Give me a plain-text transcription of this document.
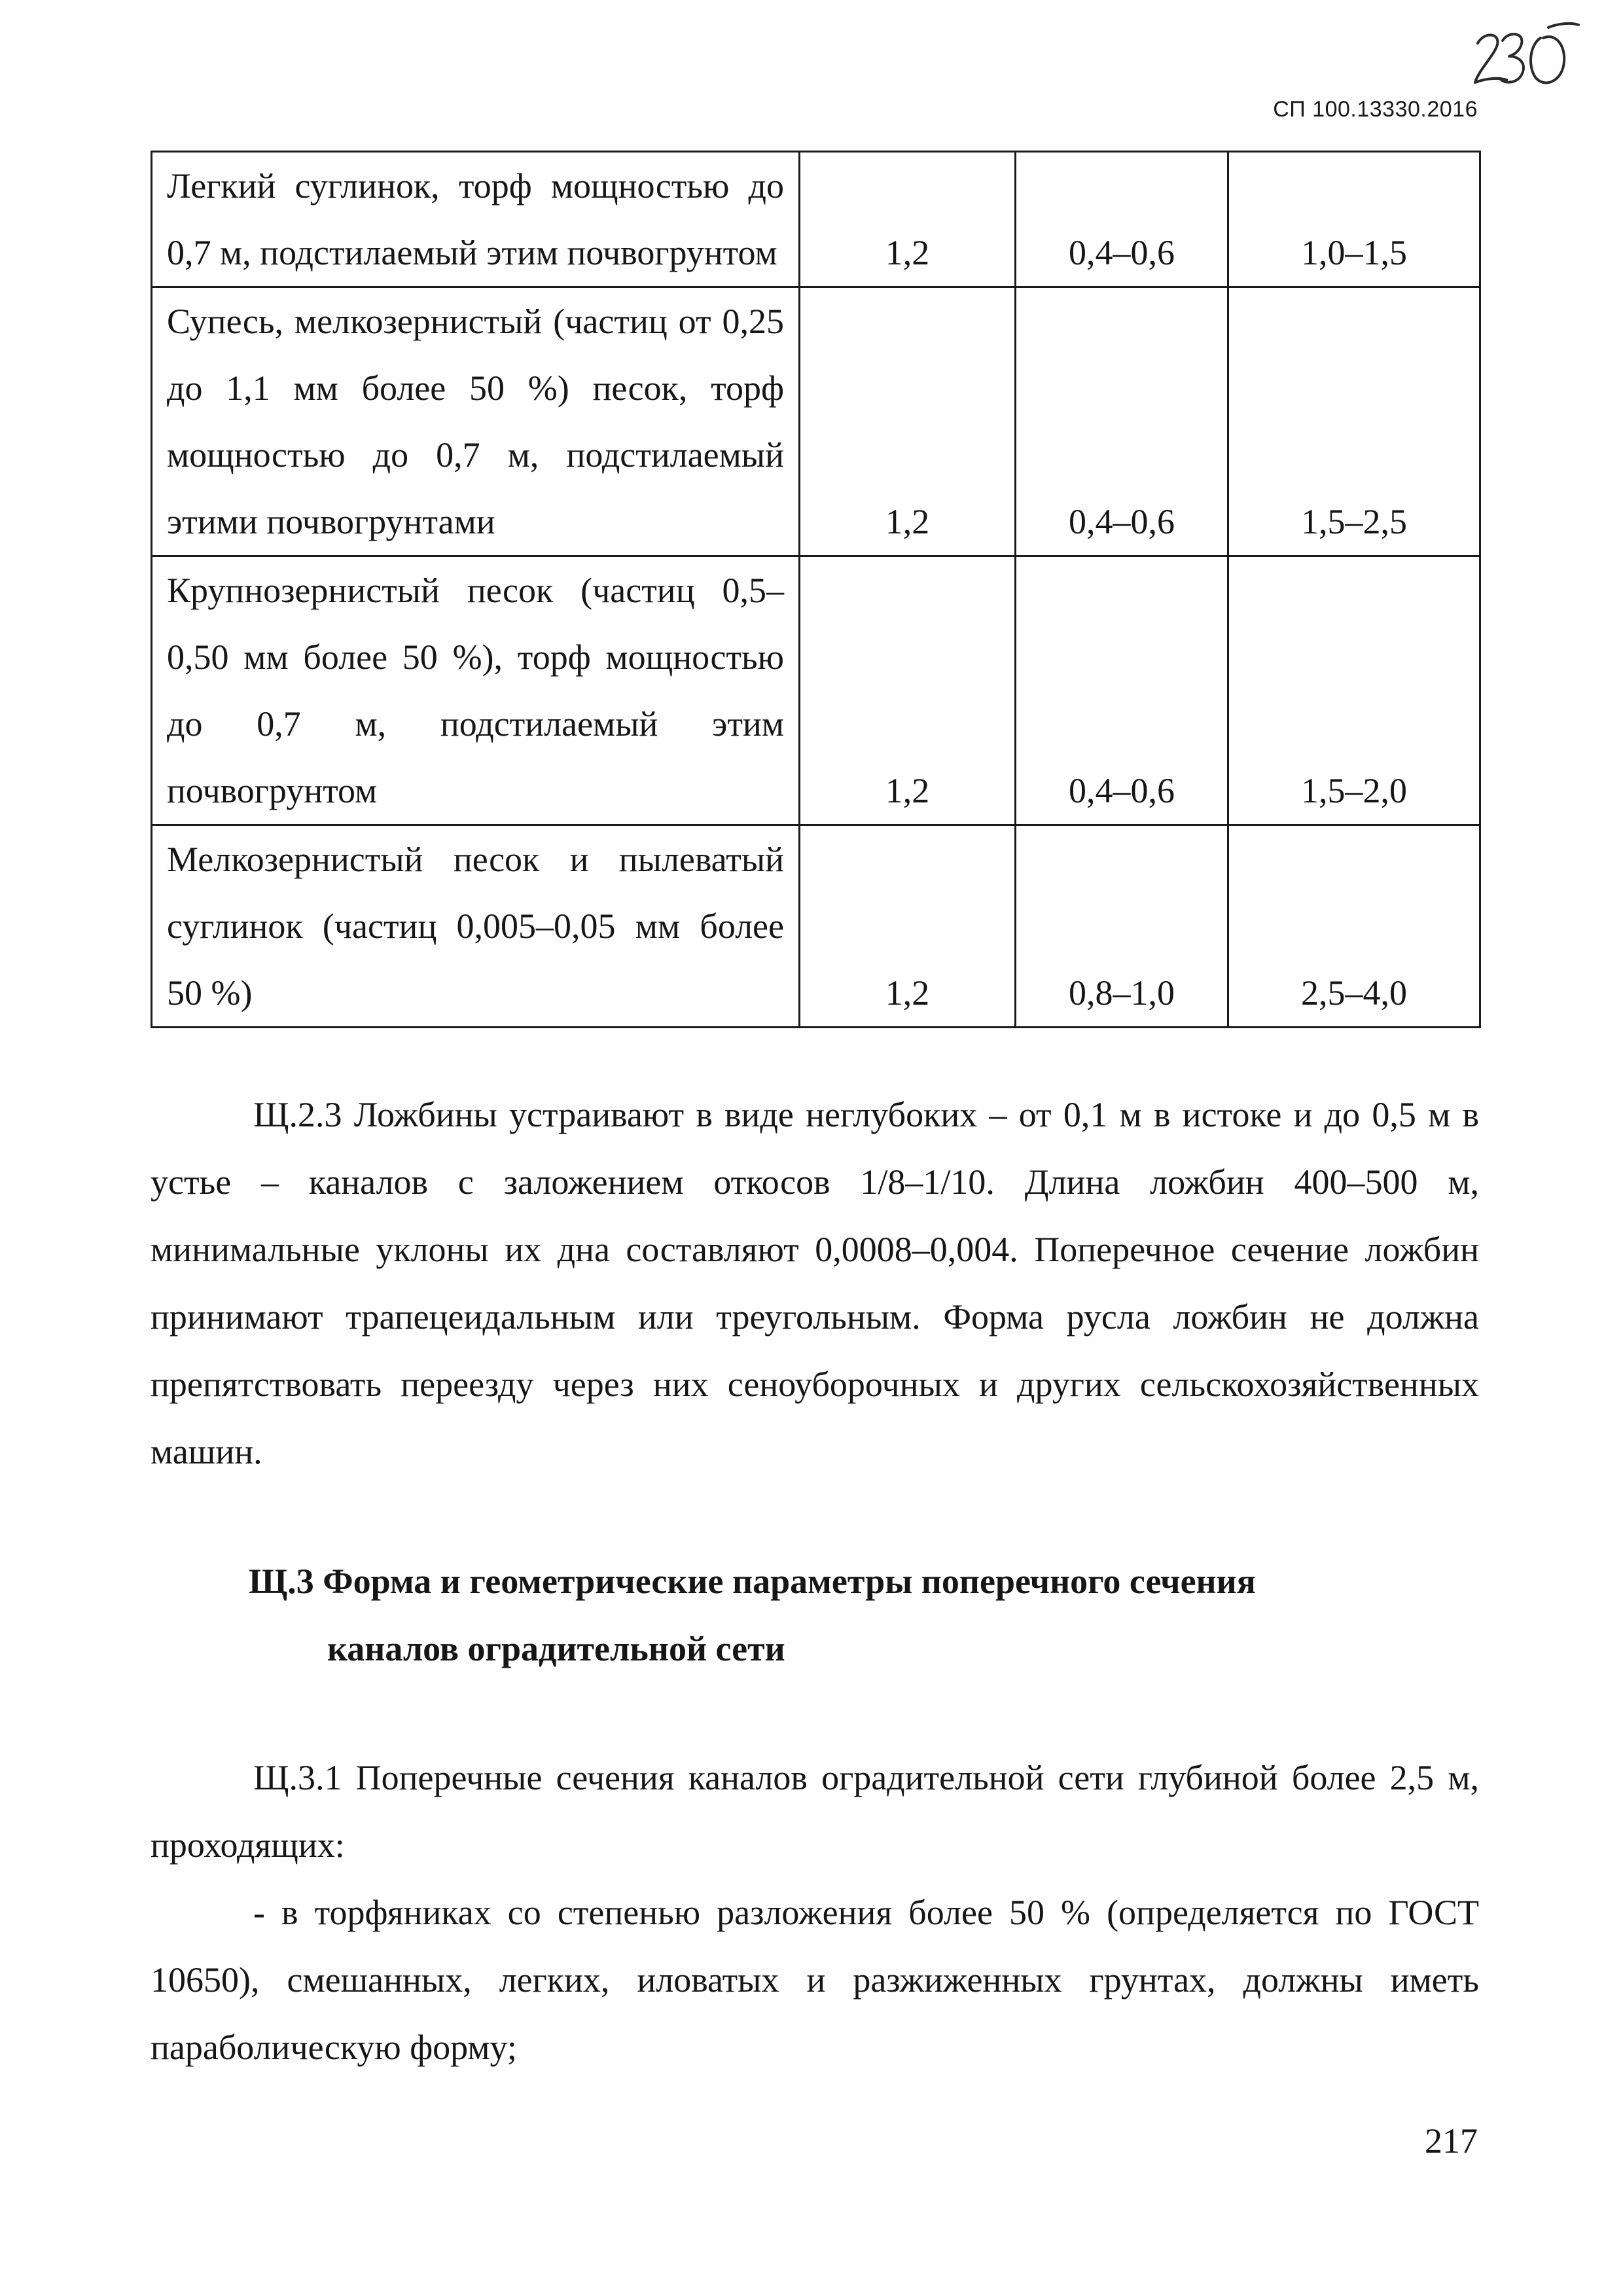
СП 100.13330.2016
Легкий суглинок, торф мощностью до 0,7 м, подстилаемый этим почвогрунтом	1,2	0,4–0,6	1,0–1,5
Супесь, мелкозернистый (частиц от 0,25 до 1,1 мм более 50 %) песок, торф мощностью до 0,7 м, подстилаемый этими почвогрунтами	1,2	0,4–0,6	1,5–2,5
Крупнозернистый песок (частиц 0,5–0,50 мм более 50 %), торф мощностью до 0,7 м, подстилаемый этим почвогрунтом	1,2	0,4–0,6	1,5–2,0
Мелкозернистый песок и пылеватый суглинок (частиц 0,005–0,05 мм более 50 %)	1,2	0,8–1,0	2,5–4,0

Щ.2.3 Ложбины устраивают в виде неглубоких – от 0,1 м в истоке и до 0,5 м в устье – каналов с заложением откосов 1/8–1/10. Длина ложбин 400–500 м, минимальные уклоны их дна составляют 0,0008–0,004. Поперечное сечение ложбин принимают трапецеидальным или треугольным. Форма русла ложбин не должна препятствовать переезду через них сеноуборочных и других сельскохозяйственных машин.

Щ.3 Форма и геометрические параметры поперечного сечения
каналов оградительной сети

Щ.3.1 Поперечные сечения каналов оградительной сети глубиной более 2,5 м, проходящих:

- в торфяниках со степенью разложения более 50 % (определяется по ГОСТ 10650), смешанных, легких, иловатых и разжиженных грунтах, должны иметь параболическую форму;

217
